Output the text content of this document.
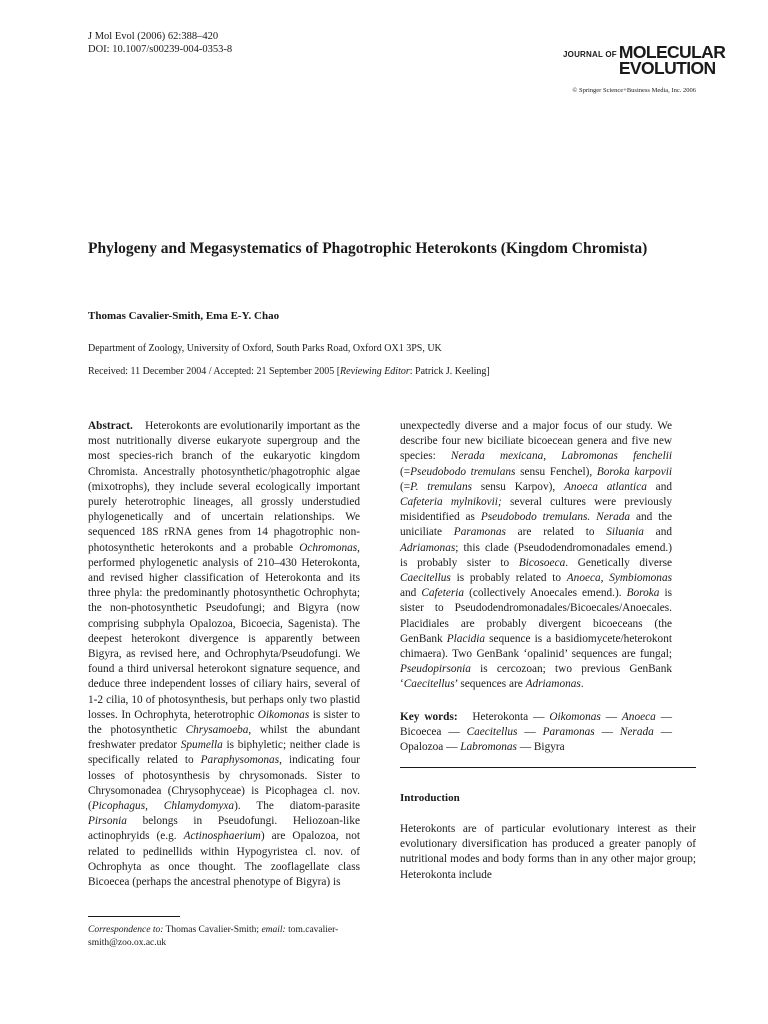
J Mol Evol (2006) 62:388–420
DOI: 10.1007/s00239-004-0353-8	JOURNAL OF MOLECULAR
EVOLUTION
© Springer Science+Business Media, Inc. 2006
Phylogeny and Megasystematics of Phagotrophic Heterokonts (Kingdom Chromista)
Thomas Cavalier-Smith, Ema E-Y. Chao
Department of Zoology, University of Oxford, South Parks Road, Oxford OX1 3PS, UK
Received: 11 December 2004 / Accepted: 21 September 2005 [Reviewing Editor: Patrick J. Keeling]

Abstract. Heterokonts are evolutionarily important as the most nutritionally diverse eukaryote supergroup and the most species-rich branch of the eukaryotic kingdom Chromista. Ancestrally photosynthetic/phagotrophic algae (mixotrophs), they include several ecologically important purely heterotrophic lineages, all grossly understudied phylogenetically and of uncertain relationships. We sequenced 18S rRNA genes from 14 phagotrophic non-photosynthetic heterokonts and a probable Ochromonas, performed phylogenetic analysis of 210–430 Heterokonta, and revised higher classification of Heterokonta and its three phyla: the predominantly photosynthetic Ochrophyta; the non-photosynthetic Pseudofungi; and Bigyra (now comprising subphyla Opalozoa, Bicoecia, Sagenista). The deepest heterokont divergence is apparently between Bigyra, as revised here, and Ochrophyta/Pseudofungi. We found a third universal heterokont signature sequence, and deduce three independent losses of ciliary hairs, several of 1-2 cilia, 10 of photosynthesis, but perhaps only two plastid losses. In Ochrophyta, heterotrophic Oikomonas is sister to the photosynthetic Chrysamoeba, whilst the abundant freshwater predator Spumella is biphyletic; neither clade is specifically related to Paraphysomonas, indicating four losses of photosynthesis by chrysomonads. Sister to Chrysomonadea (Chrysophyceae) is Picophagea cl. nov. (Picophagus, Chlamydomyxa). The diatom-parasite Pirsonia belongs in Pseudofungi. Heliozoan-like actinophryids (e.g. Actinosphaerium) are Opalozoa, not related to pedinellids within Hypogyristea cl. nov. of Ochrophyta as once thought. The zooflagellate class Bicoecea (perhaps the ancestral phenotype of Bigyra) is

unexpectedly diverse and a major focus of our study. We describe four new biciliate bicoecean genera and five new species: Nerada mexicana, Labromonas fenchelii (=Pseudobodo tremulans sensu Fenchel), Boroka karpovii (=P. tremulans sensu Karpov), Anoeca atlantica and Cafeteria mylnikovii; several cultures were previously misidentified as Pseudobodo tremulans. Nerada and the uniciliate Paramonas are related to Siluania and Adriamonas; this clade (Pseudodendromonadales emend.) is probably sister to Bicosoeca. Genetically diverse Caecitellus is probably related to Anoeca, Symbiomonas and Cafeteria (collectively Anoecales emend.). Boroka is sister to Pseudodendromonadales/Bicoecales/Anoecales. Placidiales are probably divergent bicoeceans (the GenBank Placidia sequence is a basidiomycete/heterokont chimaera). Two GenBank ‘opalinid’ sequences are fungal; Pseudopirsonia is cercozoan; two previous GenBank ‘Caecitellus’ sequences are Adriamonas.

Key words: Heterokonta — Oikomonas — Anoeca — Bicoecea — Caecitellus — Paramonas — Nerada — Opalozoa — Labromonas — Bigyra

Correspondence to: Thomas Cavalier-Smith; email: tom.cavalier-smith@zoo.ox.ac.uk
Introduction

Heterokonts are of particular evolutionary interest as their evolutionary diversification has produced a greater panoply of nutritional modes and body forms than in any other major group; Heterokonta include
